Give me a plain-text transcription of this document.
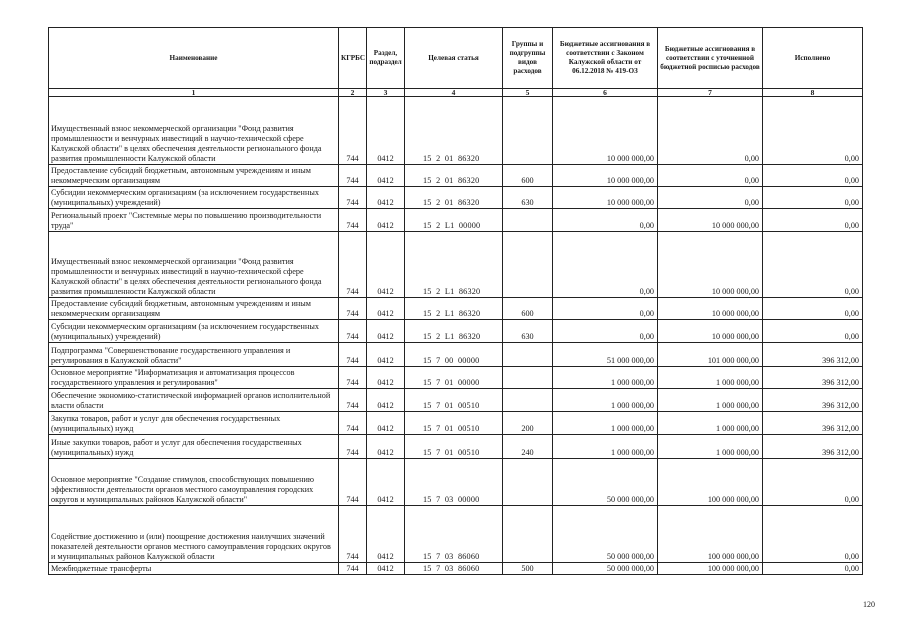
Наименование	КГРБС	Раздел, подраздел	Целевая статья	Группы и подгруппы видов расходов	Бюджетные ассигнования в соответствии с Законом Калужской области от 06.12.2018 № 419-ОЗ	Бюджетные ассигнования в соответствии с уточненной бюджетной росписью расходов	Исполнено
1	2	3	4	5	6	7	8
Имущественный взнос некоммерческой организации "Фонд развития промышленности и венчурных инвестиций в научно-технической сфере Калужской области" в целях обеспечения деятельности регионального фонда развития промышленности Калужской области	744	0412	15  2  01  86320		10 000 000,00	0,00	0,00
Предоставление субсидий бюджетным, автономным учреждениям и иным некоммерческим организациям	744	0412	15  2  01  86320	600	10 000 000,00	0,00	0,00
Субсидии некоммерческим организациям (за исключением государственных (муниципальных) учреждений)	744	0412	15  2  01  86320	630	10 000 000,00	0,00	0,00
Региональный проект "Системные меры по повышению производительности труда"	744	0412	15  2  L1  00000		0,00	10 000 000,00	0,00
Имущественный взнос некоммерческой организации "Фонд развития промышленности и венчурных инвестиций в научно-технической сфере Калужской области" в целях обеспечения деятельности регионального фонда развития промышленности Калужской области	744	0412	15  2  L1  86320		0,00	10 000 000,00	0,00
Предоставление субсидий бюджетным, автономным учреждениям и иным некоммерческим организациям	744	0412	15  2  L1  86320	600	0,00	10 000 000,00	0,00
Субсидии некоммерческим организациям (за исключением государственных (муниципальных) учреждений)	744	0412	15  2  L1  86320	630	0,00	10 000 000,00	0,00
Подпрограмма "Совершенствование государственного управления и регулирования в Калужской области"	744	0412	15  7  00  00000		51 000 000,00	101 000 000,00	396 312,00
Основное мероприятие "Информатизация и автоматизация процессов государственного управления и регулирования"	744	0412	15  7  01  00000		1 000 000,00	1 000 000,00	396 312,00
Обеспечение экономико-статистической информацией органов исполнительной власти области	744	0412	15  7  01  00510		1 000 000,00	1 000 000,00	396 312,00
Закупка товаров, работ и услуг для обеспечения государственных (муниципальных) нужд	744	0412	15  7  01  00510	200	1 000 000,00	1 000 000,00	396 312,00
Иные закупки товаров, работ и услуг для обеспечения государственных (муниципальных) нужд	744	0412	15  7  01  00510	240	1 000 000,00	1 000 000,00	396 312,00
Основное мероприятие "Создание стимулов, способствующих повышению эффективности деятельности органов местного самоуправления городских округов и муниципальных районов Калужской области"	744	0412	15  7  03  00000		50 000 000,00	100 000 000,00	0,00
Содействие достижению и (или) поощрение достижения наилучших значений показателей деятельности органов местного самоуправления городских округов и муниципальных районов Калужской области	744	0412	15  7  03  86060		50 000 000,00	100 000 000,00	0,00
Межбюджетные трансферты	744	0412	15  7  03  86060	500	50 000 000,00	100 000 000,00	0,00
120
